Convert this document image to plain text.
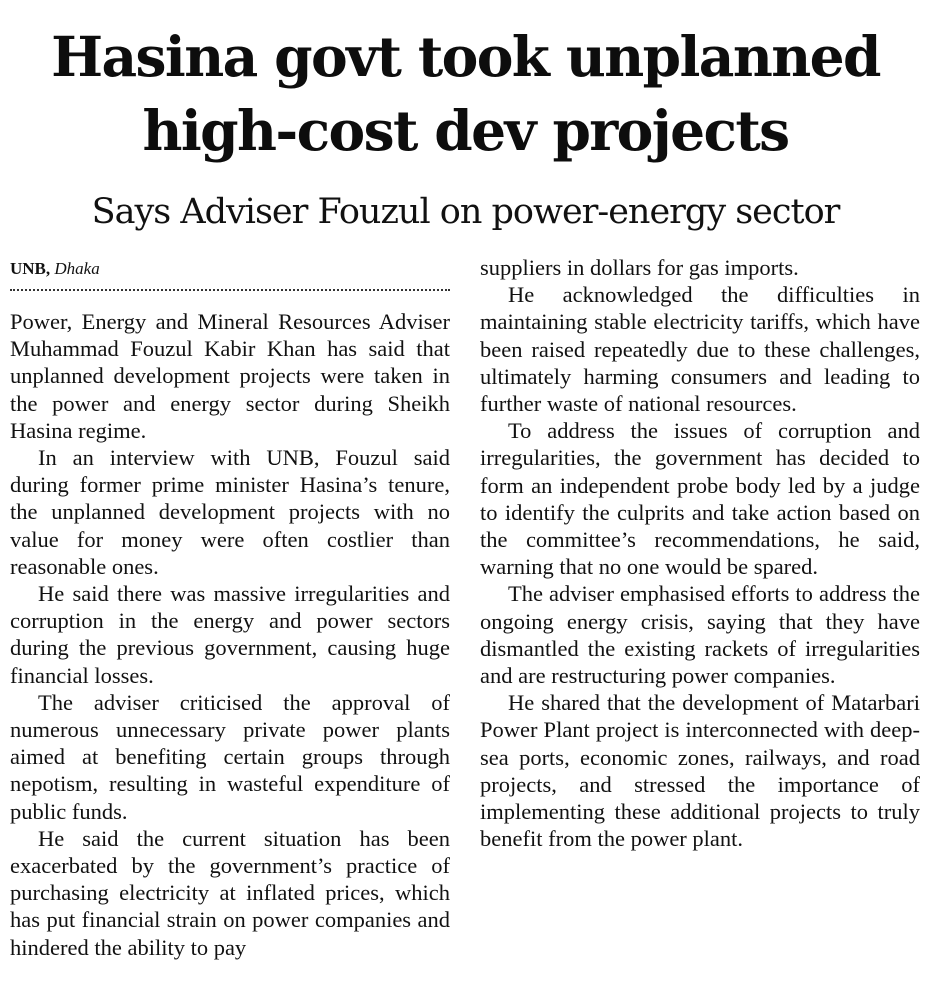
Hasina govt took unplanned
high-cost dev projects
Says Adviser Fouzul on power-energy sector
UNB, Dhaka

Power, Energy and Mineral Resources Adviser Muhammad Fouzul Kabir Khan has said that unplanned development projects were taken in the power and energy sector during Sheikh Hasina regime.

In an interview with UNB, Fouzul said during former prime minister Hasina’s tenure, the unplanned development projects with no value for money were often costlier than reasonable ones.

He said there was massive irregularities and corruption in the energy and power sectors during the previous government, causing huge financial losses.

The adviser criticised the approval of numerous unnecessary private power plants aimed at benefiting certain groups through nepotism, resulting in wasteful expenditure of public funds.

He said the current situation has been exacerbated by the government’s practice of purchasing electricity at inflated prices, which has put financial strain on power companies and hindered the ability to pay

suppliers in dollars for gas imports.

He acknowledged the difficulties in maintaining stable electricity tariffs, which have been raised repeatedly due to these challenges, ultimately harming consumers and leading to further waste of national resources.

To address the issues of corruption and irregularities, the government has decided to form an independent probe body led by a judge to identify the culprits and take action based on the committee’s recommendations, he said, warning that no one would be spared.

The adviser emphasised efforts to address the ongoing energy crisis, saying that they have dismantled the existing rackets of irregularities and are restructuring power companies.

He shared that the development of Matarbari Power Plant project is interconnected with deep-sea ports, economic zones, railways, and road projects, and stressed the importance of implementing these additional projects to truly benefit from the power plant.
